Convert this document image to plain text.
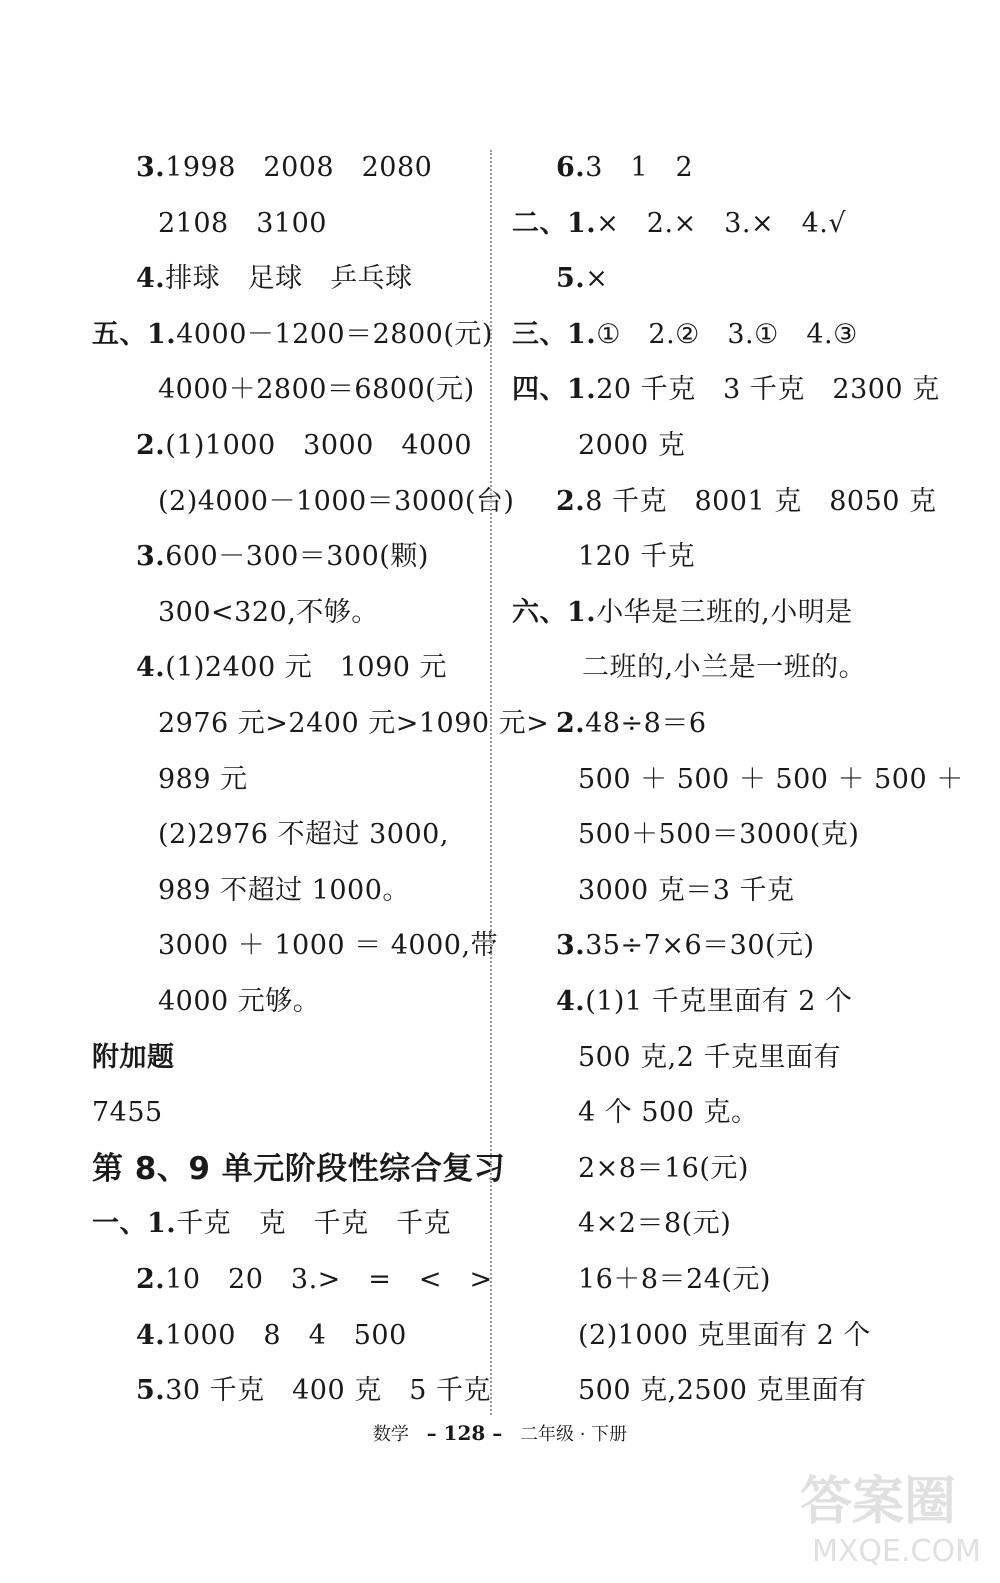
3.1998　2008　2080
2108　3100
4.排球　足球　乒乓球
五、1.4000－1200＝2800(元)
4000＋2800＝6800(元)
2.(1)1000　3000　4000
(2)4000－1000＝3000(台)
3.600－300＝300(颗)
300<320,不够。
4.(1)2400 元　1090 元
2976 元>2400 元>1090 元>
989 元
(2)2976 不超过 3000,
989 不超过 1000。
3000 ＋ 1000 ＝ 4000,带
4000 元够。
附加题
7455
第 8、9 单元阶段性综合复习
一、1.千克　克　千克　千克
2.10　20　3.>　=　<　>
4.1000　8　4　500
5.30 千克　400 克　5 千克
6.3　1　2
二、1.×　2.×　3.×　4.√
5.×
三、1.①　2.②　3.①　4.③
四、1.20 千克　3 千克　2300 克
2000 克
2.8 千克　8001 克　8050 克
120 千克
六、1.小华是三班的,小明是
二班的,小兰是一班的。
2.48÷8＝6
500 ＋ 500 ＋ 500 ＋ 500 ＋
500＋500＝3000(克)
3000 克＝3 千克
3.35÷7×6＝30(元)
4.(1)1 千克里面有 2 个
500 克,2 千克里面有
4 个 500 克。
2×8＝16(元)
4×2＝8(元)
16＋8＝24(元)
(2)1000 克里面有 2 个
500 克,2500 克里面有
数学 – 128 – 二年级 · 下册
答案圈
MXQE.COM
